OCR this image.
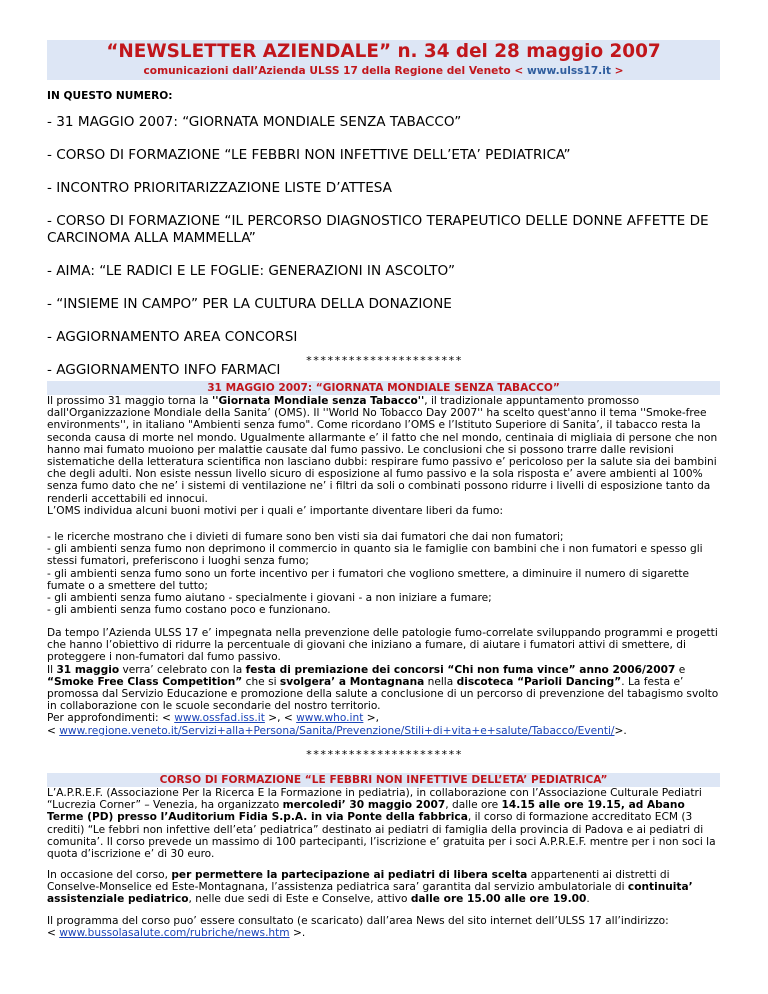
“NEWSLETTER AZIENDALE” n. 34 del 28 maggio 2007
comunicazioni dall’Azienda ULSS 17 della Regione del Veneto < www.ulss17.it >
IN QUESTO NUMERO:
- 31 MAGGIO 2007: “GIORNATA MONDIALE SENZA TABACCO”
- CORSO DI FORMAZIONE “LE FEBBRI NON INFETTIVE DELL’ETA’ PEDIATRICA”
- INCONTRO PRIORITARIZZAZIONE LISTE D’ATTESA
- CORSO DI FORMAZIONE “IL PERCORSO DIAGNOSTICO TERAPEUTICO DELLE DONNE AFFETTE DE CARCINOMA ALLA MAMMELLA”
- AIMA: “LE RADICI E LE FOGLIE: GENERAZIONI IN ASCOLTO”
- “INSIEME IN CAMPO” PER LA CULTURA DELLA DONAZIONE
- AGGIORNAMENTO AREA CONCORSI
- AGGIORNAMENTO INFO FARMACI
**********************
31 MAGGIO 2007: “GIORNATA MONDIALE SENZA TABACCO”

Il prossimo 31 maggio torna la ''Giornata Mondiale senza Tabacco'', il tradizionale appuntamento promosso dall'Organizzazione Mondiale della Sanita’ (OMS). Il ''World No Tobacco Day 2007'' ha scelto quest'anno il tema ''Smoke-free environments'', in italiano "Ambienti senza fumo". Come ricordano l’OMS e l’Istituto Superiore di Sanita’, il tabacco resta la seconda causa di morte nel mondo. Ugualmente allarmante e’ il fatto che nel mondo, centinaia di migliaia di persone che non hanno mai fumato muoiono per malattie causate dal fumo passivo. Le conclusioni che si possono trarre dalle revisioni sistematiche della letteratura scientifica non lasciano dubbi: respirare fumo passivo e’ pericoloso per la salute sia dei bambini che degli adulti. Non esiste nessun livello sicuro di esposizione al fumo passivo e la sola risposta e’ avere ambienti al 100% senza fumo dato che ne’ i sistemi di ventilazione ne’ i filtri da soli o combinati possono ridurre i livelli di esposizione tanto da renderli accettabili ed innocui.
L’OMS individua alcuni buoni motivi per i quali e’ importante diventare liberi da fumo:

- le ricerche mostrano che i divieti di fumare sono ben visti sia dai fumatori che dai non fumatori;
- gli ambienti senza fumo non deprimono il commercio in quanto sia le famiglie con bambini che i non fumatori e spesso gli stessi fumatori, preferiscono i luoghi senza fumo;
- gli ambienti senza fumo sono un forte incentivo per i fumatori che vogliono smettere, a diminuire il numero di sigarette fumate o a smettere del tutto;
- gli ambienti senza fumo aiutano - specialmente i giovani - a non iniziare a fumare;
- gli ambienti senza fumo costano poco e funzionano.

Da tempo l’Azienda ULSS 17 e’ impegnata nella prevenzione delle patologie fumo-correlate sviluppando programmi e progetti che hanno l’obiettivo di ridurre la percentuale di giovani che iniziano a fumare, di aiutare i fumatori attivi di smettere, di proteggere i non-fumatori dal fumo passivo.
Il 31 maggio verra’ celebrato con la festa di premiazione dei concorsi “Chi non fuma vince” anno 2006/2007 e “Smoke Free Class Competition” che si svolgera’ a Montagnana nella discoteca “Parioli Dancing”. La festa e’ promossa dal Servizio Educazione e promozione della salute a conclusione di un percorso di prevenzione del tabagismo svolto in collaborazione con le scuole secondarie del nostro territorio.
Per approfondimenti: < www.ossfad.iss.it >, < www.who.int >,
< www.regione.veneto.it/Servizi+alla+Persona/Sanita/Prevenzione/Stili+di+vita+e+salute/Tabacco/Eventi/>.

**********************
CORSO DI FORMAZIONE “LE FEBBRI NON INFETTIVE DELL’ETA’ PEDIATRICA”

L’A.P.R.E.F. (Associazione Per la Ricerca E la Formazione in pediatria), in collaborazione con l’Associazione Culturale Pediatri “Lucrezia Corner” – Venezia, ha organizzato mercoledi’ 30 maggio 2007, dalle ore 14.15 alle ore 19.15, ad Abano Terme (PD) presso l’Auditorium Fidia S.p.A. in via Ponte della fabbrica, il corso di formazione accreditato ECM (3 crediti) “Le febbri non infettive dell’eta’ pediatrica” destinato ai pediatri di famiglia della provincia di Padova e ai pediatri di comunita’. Il corso prevede un massimo di 100 partecipanti, l’iscrizione e’ gratuita per i soci A.P.R.E.F. mentre per i non soci la quota d’iscrizione e’ di 30 euro.

In occasione del corso, per permettere la partecipazione ai pediatri di libera scelta appartenenti ai distretti di Conselve-Monselice ed Este-Montagnana, l’assistenza pediatrica sara’ garantita dal servizio ambulatoriale di continuita’ assistenziale pediatrico, nelle due sedi di Este e Conselve, attivo dalle ore 15.00 alle ore 19.00.

Il programma del corso puo’ essere consultato (e scaricato) dall’area News del sito internet dell’ULSS 17 all’indirizzo:
< www.bussolasalute.com/rubriche/news.htm >.
